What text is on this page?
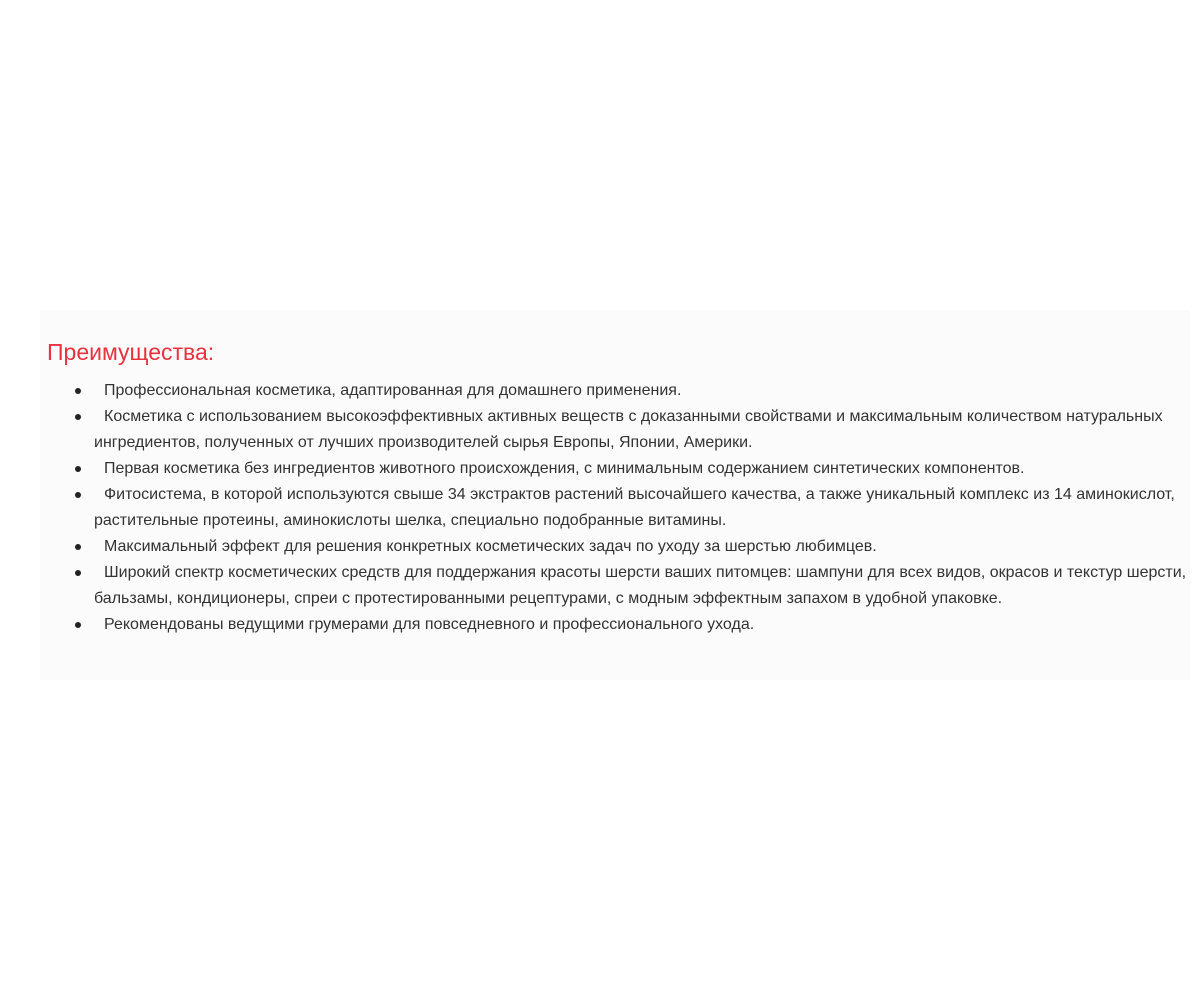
Преимущества:
Профессиональная косметика, адаптированная для домашнего применения.
Косметика с использованием высокоэффективных активных веществ с доказанными свойствами и максимальным количеством натуральных ингредиентов, полученных от лучших производителей сырья Европы, Японии, Америки.
Первая косметика без ингредиентов животного происхождения, с минимальным содержанием синтетических компонентов.
Фитосистема, в которой используются свыше 34 экстрактов растений высочайшего качества, а также уникальный комплекс из 14 аминокислот, растительные протеины, аминокислоты шелка, специально подобранные витамины.
Максимальный эффект для решения конкретных косметических задач по уходу за шерстью любимцев.
Широкий спектр косметических средств для поддержания красоты шерсти ваших питомцев: шампуни для всех видов, окрасов и текстур шерсти, бальзамы, кондиционеры, спреи с протестированными рецептурами, с модным эффектным запахом в удобной упаковке.
Рекомендованы ведущими грумерами для повседневного и профессионального ухода.
